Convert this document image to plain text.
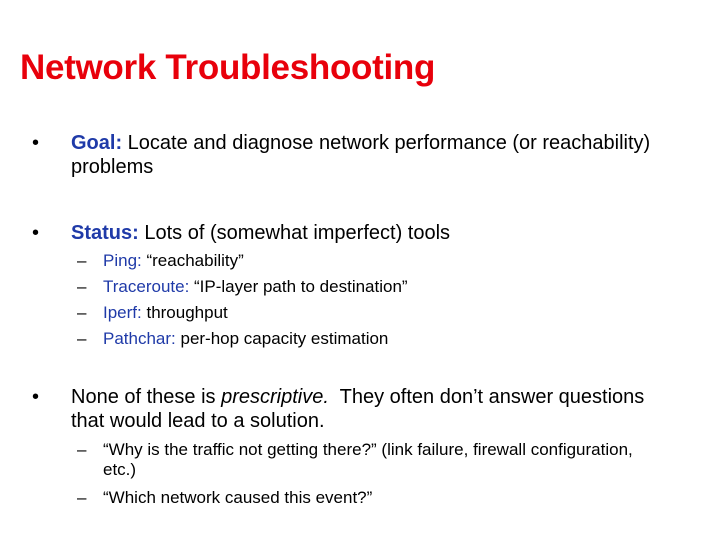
Network Troubleshooting
•	Goal: Locate and diagnose network performance (or reachability) problems
•	Status: Lots of (somewhat imperfect) tools
– Ping: “reachability”
– Traceroute: “IP-layer path to destination”
– Iperf: throughput
– Pathchar: per-hop capacity estimation
•	None of these is prescriptive.  They often don’t answer questions that would lead to a solution.
– “Why is the traffic not getting there?” (link failure, firewall configuration, etc.)
– “Which network caused this event?”
